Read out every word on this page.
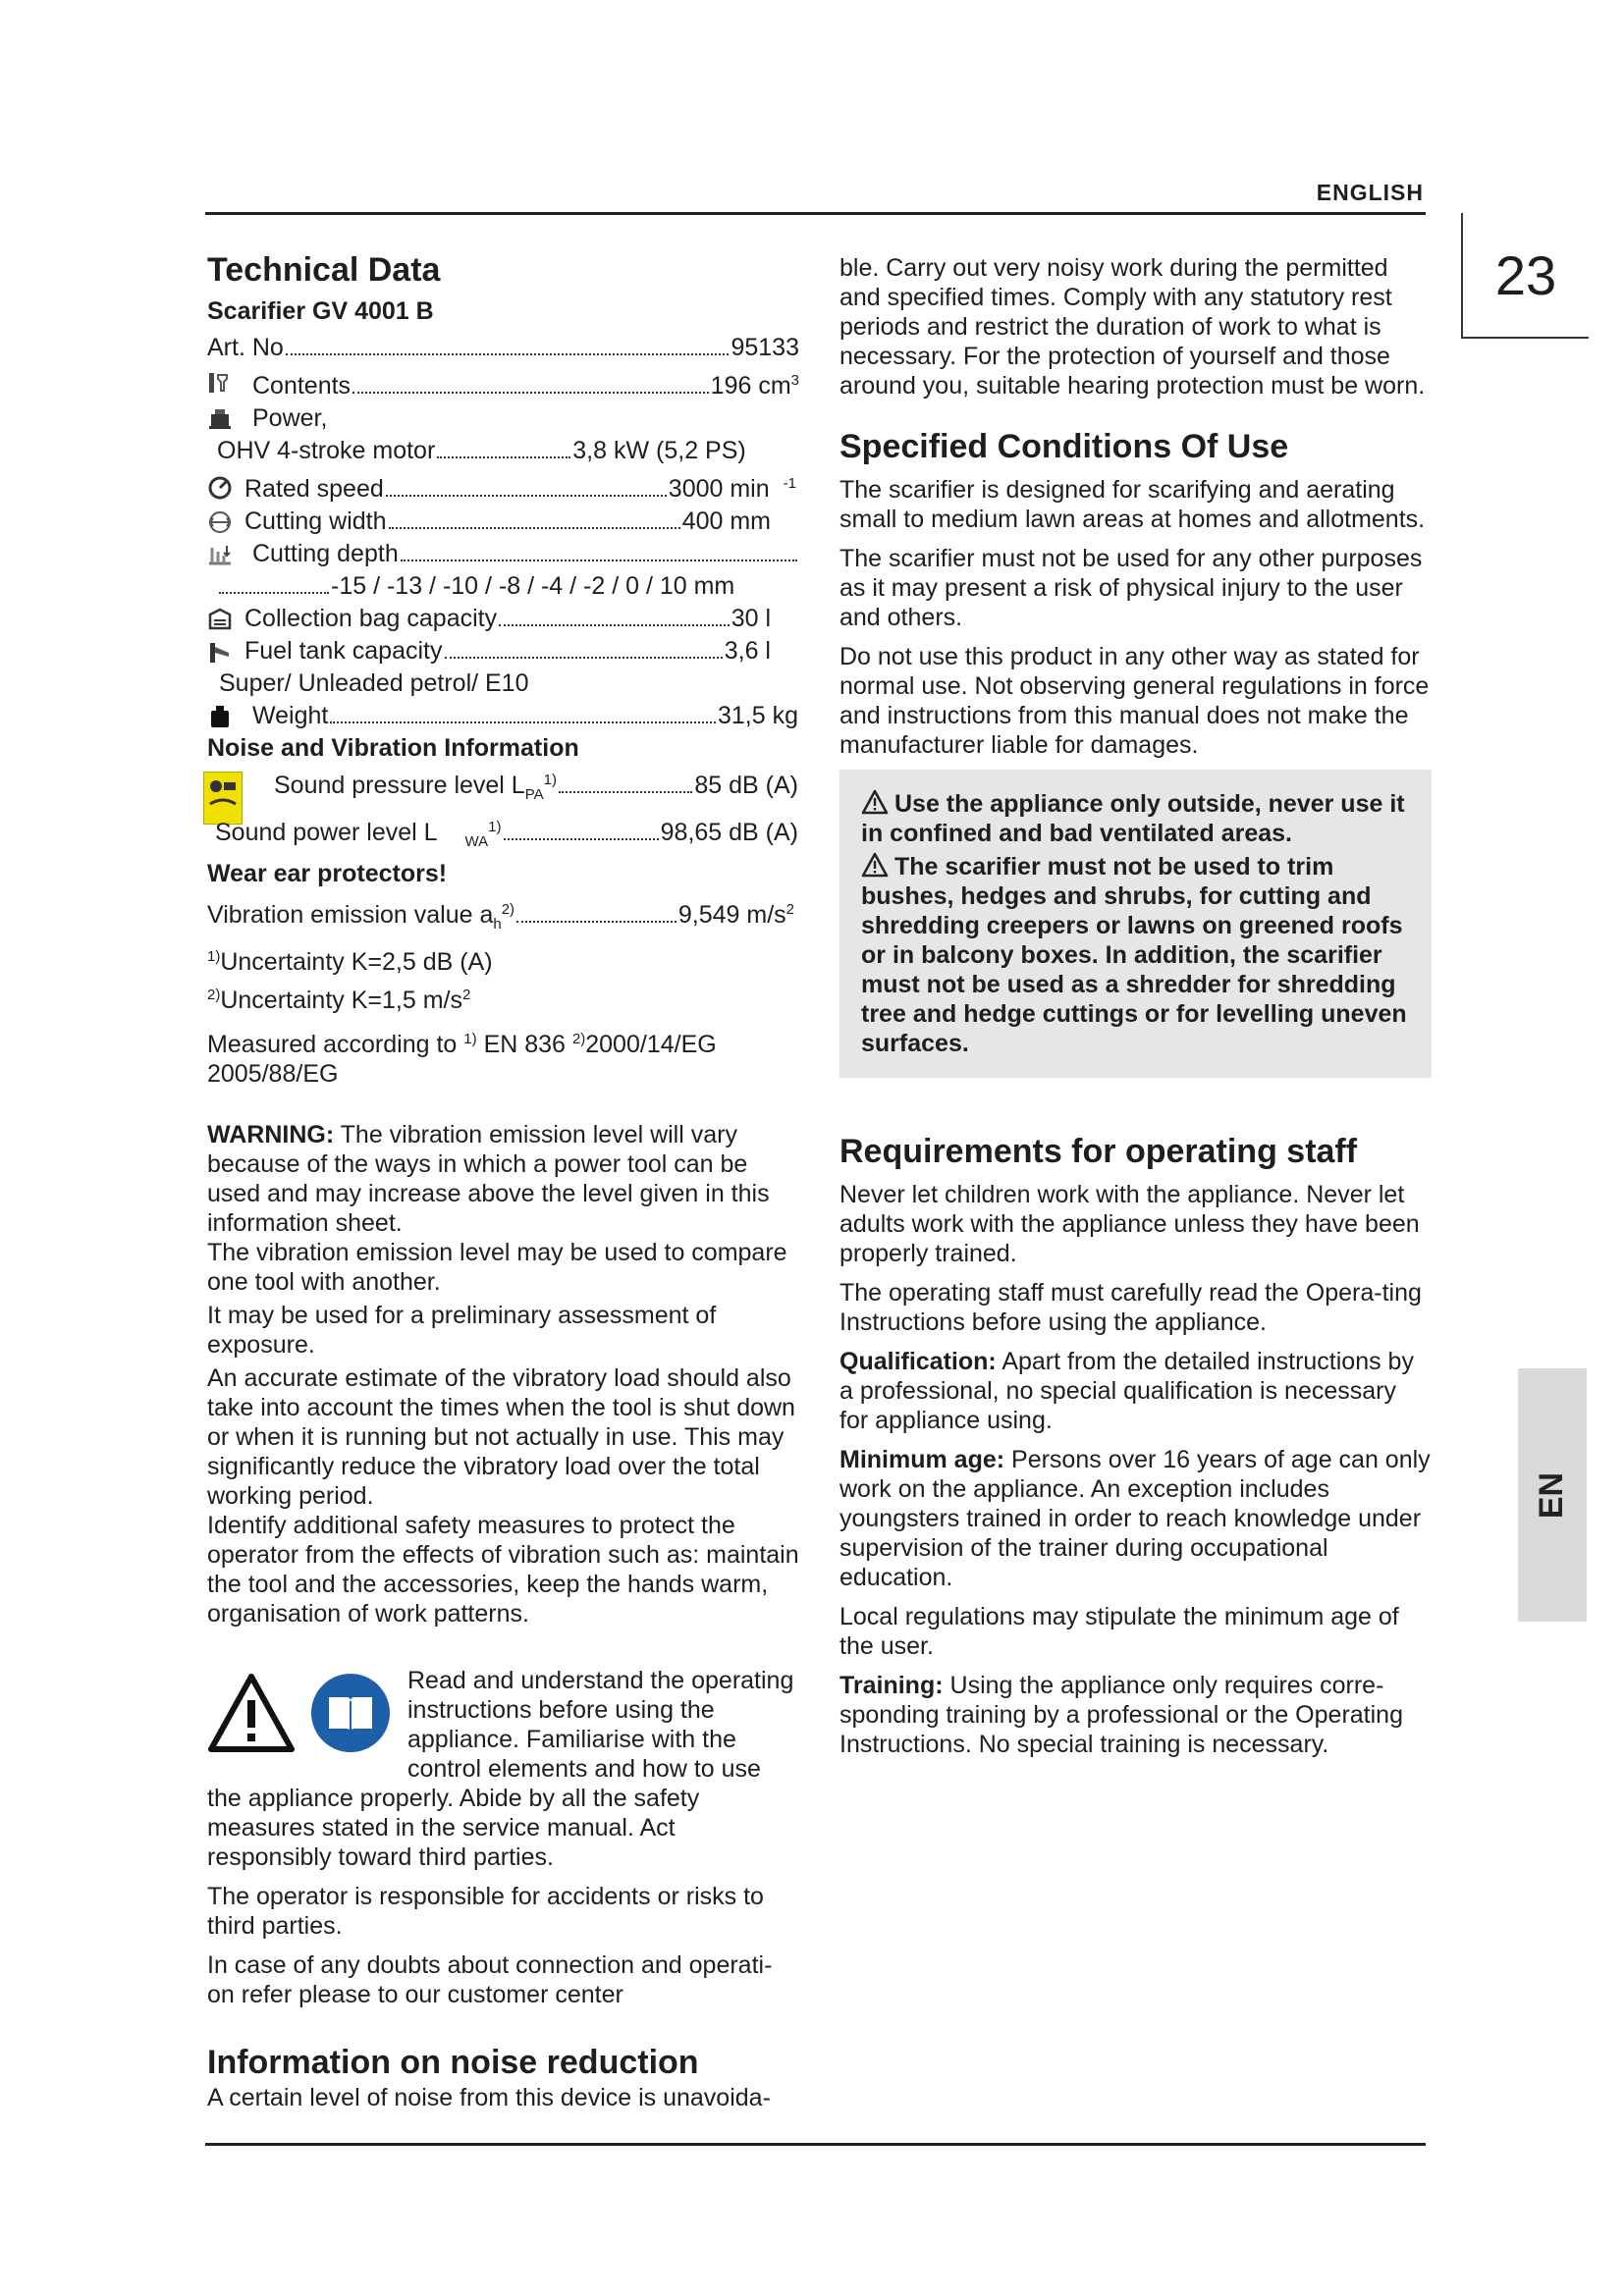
ENGLISH
23
EN
Technical Data
Scarifier GV 4001 B
Art. No	95133
Contents	196 $cm^3$
Power,
OHV 4-stroke motor	3,8 kW (5,2 PS)
Rated speed	3000 min $^{-1}$
Cutting width	400 mm
Cutting depth
-15 / -13 / -10 / -8 / -4 / -2 / 0 / 10 mm
Collection bag capacity	30 l
Fuel tank capacity	3,6 l
Super/ Unleaded petrol/ E10
Weight	31,5 kg
Noise and Vibration Information
Sound pressure level $L_{PA}^{1)}$	85 dB (A)
Sound power level L $_{WA}^{1)}$	98,65 dB (A)
Wear ear protectors!
Vibration emission value $a_h^{2)}$	9,549 $m/s^2$
$^{1)}$Uncertainty K=2,5 dB (A)
$^{2)}$Uncertainty K=1,5 $m/s^2$
Measured according to $^{1)}$ EN 836 $^{2)}$2000/14/EG
2005/88/EG

WARNING: The vibration emission level will vary because of the ways in which a power tool can be used and may increase above the level given in this information sheet.

The vibration emission level may be used to compare one tool with another.

It may be used for a preliminary assessment of exposure.

An accurate estimate of the vibratory load should also take into account the times when the tool is shut down or when it is running but not actually in use. This may significantly reduce the vibratory load over the total working period.

Identify additional safety measures to protect the operator from the effects of vibration such as: maintain the tool and the accessories, keep the hands warm, organisation of work patterns.

Read and understand the operating instructions before using the appliance. Familiarise with the control elements and how to use the appliance properly. Abide by all the safety measures stated in the service manual. Act responsibly toward third parties.

The operator is responsible for accidents or risks to third parties.

In case of any doubts about connection and operati-on refer please to our customer center

Information on noise reduction

A certain level of noise from this device is unavoida-

ble. Carry out very noisy work during the permitted and specified times. Comply with any statutory rest periods and restrict the duration of work to what is necessary. For the protection of yourself and those around you, suitable hearing protection must be worn.

Specified Conditions Of Use

The scarifier is designed for scarifying and aerating small to medium lawn areas at homes and allotments.

The scarifier must not be used for any other purposes as it may present a risk of physical injury to the user and others.

Do not use this product in any other way as stated for normal use. Not observing general regulations in force and instructions from this manual does not make the manufacturer liable for damages.

Use the appliance only outside, never use it in confined and bad ventilated areas.

The scarifier must not be used to trim bushes, hedges and shrubs, for cutting and shredding creepers or lawns on greened roofs or in balcony boxes. In addition, the scarifier must not be used as a shredder for shredding tree and hedge cuttings or for levelling uneven surfaces.

Requirements for operating staff

Never let children work with the appliance. Never let adults work with the appliance unless they have been properly trained.

The operating staff must carefully read the Opera-ting Instructions before using the appliance.

Qualification: Apart from the detailed instructions by a professional, no special qualification is necessary for appliance using.

Minimum age: Persons over 16 years of age can only work on the appliance. An exception includes youngsters trained in order to reach knowledge under supervision of the trainer during occupational education.

Local regulations may stipulate the minimum age of the user.

Training: Using the appliance only requires corre-sponding training by a professional or the Operating Instructions. No special training is necessary.
